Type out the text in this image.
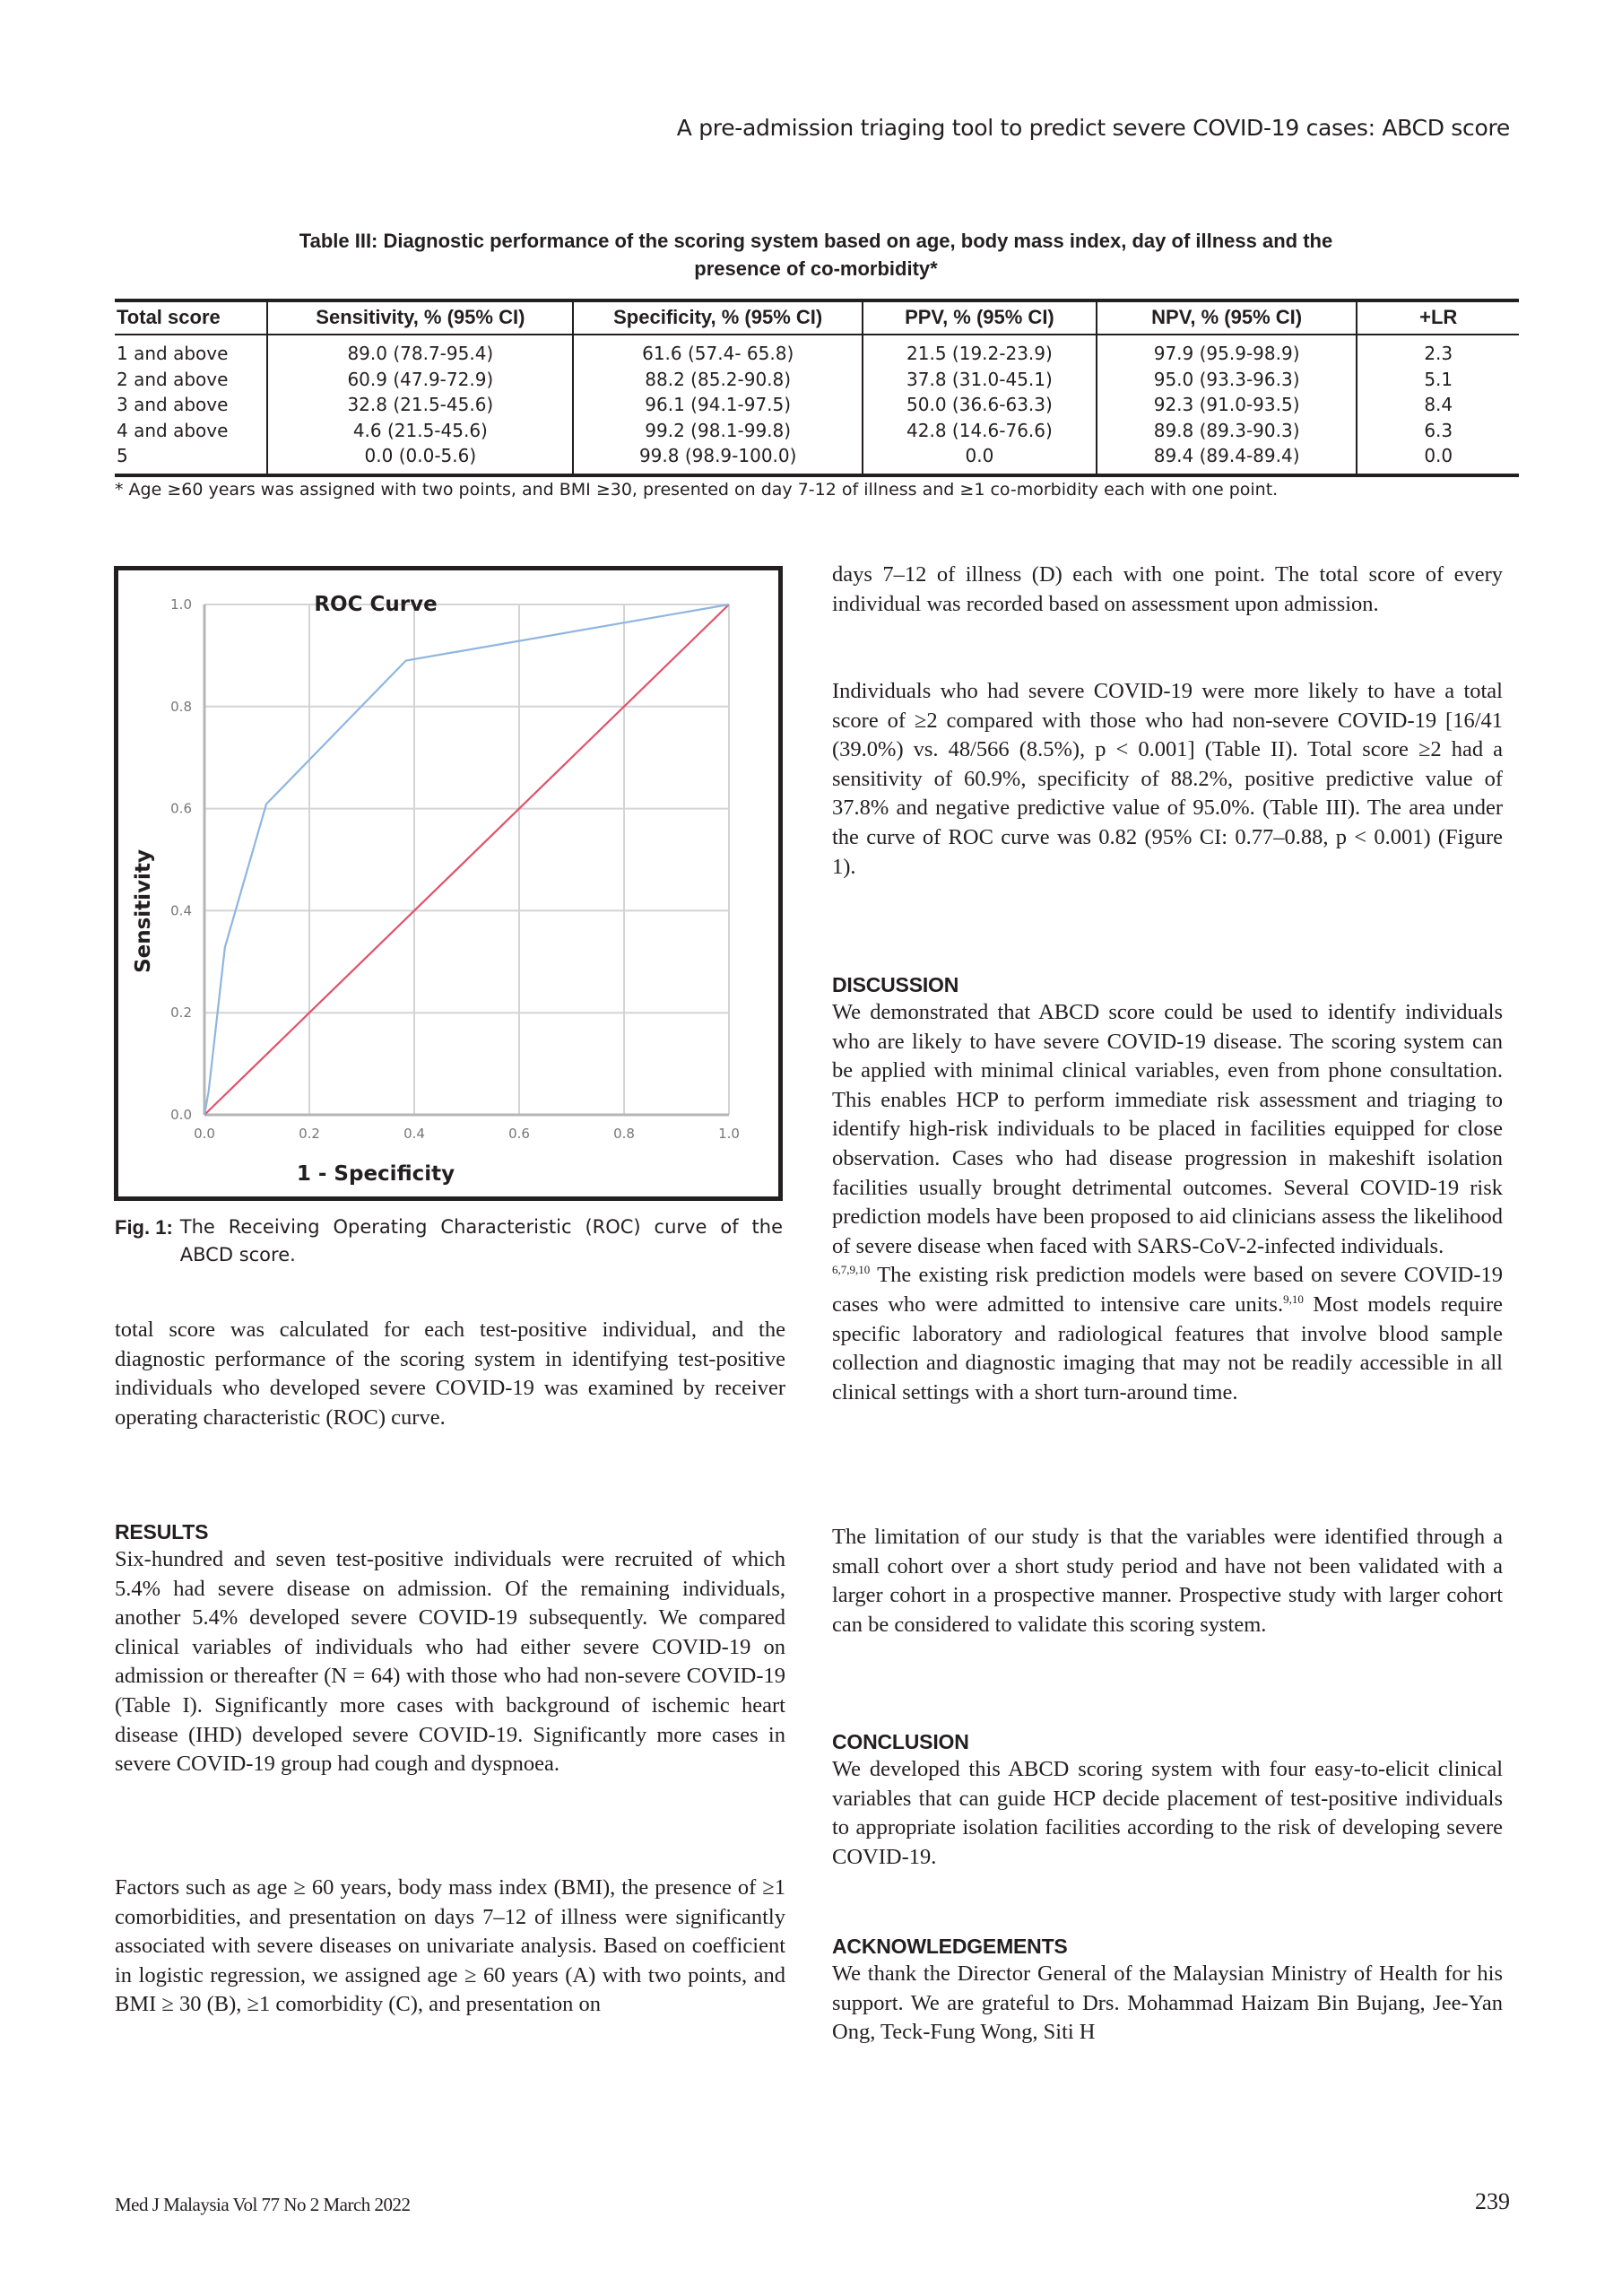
A pre-admission triaging tool to predict severe COVID-19 cases: ABCD score
Table III: Diagnostic performance of the scoring system based on age, body mass index, day of illness and the
presence of co-morbidity*
Total score	Sensitivity, % (95% CI)	Specificity, % (95% CI)	PPV, % (95% CI)	NPV, % (95% CI)	+LR
1 and above	89.0 (78.7-95.4)	61.6 (57.4- 65.8)	21.5 (19.2-23.9)	97.9 (95.9-98.9)	2.3
2 and above	60.9 (47.9-72.9)	88.2 (85.2-90.8)	37.8 (31.0-45.1)	95.0 (93.3-96.3)	5.1
3 and above	32.8 (21.5-45.6)	96.1 (94.1-97.5)	50.0 (36.6-63.3)	92.3 (91.0-93.5)	8.4
4 and above	4.6 (21.5-45.6)	99.2 (98.1-99.8)	42.8 (14.6-76.6)	89.8 (89.3-90.3)	6.3
5	0.0 (0.0-5.6)	99.8 (98.9-100.0)	0.0	89.4 (89.4-89.4)	0.0
* Age ≥60 years was assigned with two points, and BMI ≥30, presented on day 7-12 of illness and ≥1 co-morbidity each with one point.
0.0	0.2	0.4	0.6	0.8	1.0
0.0
0.2
0.4
0.6
0.8
1.0	ROC Curve
1 - Specificity
Sensitivity
Fig. 1: The Receiving Operating Characteristic (ROC) curve of the ABCD score.

total score was calculated for each test-positive individual, and the diagnostic performance of the scoring system in identifying test-positive individuals who developed severe COVID-19 was examined by receiver operating characteristic (ROC) curve.

RESULTS

Six-hundred and seven test-positive individuals were recruited of which 5.4% had severe disease on admission. Of the remaining individuals, another 5.4% developed severe COVID-19 subsequently. We compared clinical variables of individuals who had either severe COVID-19 on admission or thereafter (N = 64) with those who had non-severe COVID-19 (Table I). Significantly more cases with background of ischemic heart disease (IHD) developed severe COVID-19. Significantly more cases in severe COVID-19 group had cough and dyspnoea.

Factors such as age ≥ 60 years, body mass index (BMI), the presence of ≥1 comorbidities, and presentation on days 7–12 of illness were significantly associated with severe diseases on univariate analysis. Based on coefficient in logistic regression, we assigned age ≥ 60 years (A) with two points, and BMI ≥ 30 (B), ≥1 comorbidity (C), and presentation on

days 7–12 of illness (D) each with one point. The total score of every individual was recorded based on assessment upon admission.

Individuals who had severe COVID-19 were more likely to have a total score of ≥2 compared with those who had non-severe COVID-19 [16/41 (39.0%) vs. 48/566 (8.5%), p < 0.001] (Table II). Total score ≥2 had a sensitivity of 60.9%, specificity of 88.2%, positive predictive value of 37.8% and negative predictive value of 95.0%. (Table III). The area under the curve of ROC curve was 0.82 (95% CI: 0.77–0.88, p < 0.001) (Figure 1).

DISCUSSION

We demonstrated that ABCD score could be used to identify individuals who are likely to have severe COVID-19 disease. The scoring system can be applied with minimal clinical variables, even from phone consultation. This enables HCP to perform immediate risk assessment and triaging to identify high-risk individuals to be placed in facilities equipped for close observation. Cases who had disease progression in makeshift isolation facilities usually brought detrimental outcomes. Several COVID-19 risk prediction models have been proposed to aid clinicians assess the likelihood of severe disease when faced with SARS-CoV-2-infected individuals.
$^{6,7,9,10}$ The existing risk prediction models were based on severe COVID-19 cases who were admitted to intensive care units.$^{9,10}$ Most models require specific laboratory and radiological features that involve blood sample collection and diagnostic imaging that may not be readily accessible in all clinical settings with a short turn-around time.

The limitation of our study is that the variables were identified through a small cohort over a short study period and have not been validated with a larger cohort in a prospective manner. Prospective study with larger cohort can be considered to validate this scoring system.

CONCLUSION

We developed this ABCD scoring system with four easy-to-elicit clinical variables that can guide HCP decide placement of test-positive individuals to appropriate isolation facilities according to the risk of developing severe COVID-19.

ACKNOWLEDGEMENTS

We thank the Director General of the Malaysian Ministry of Health for his support. We are grateful to Drs. Mohammad Haizam Bin Bujang, Jee-Yan Ong, Teck-Fung Wong, Siti H

Med J Malaysia Vol 77 No 2 March 2022	239
